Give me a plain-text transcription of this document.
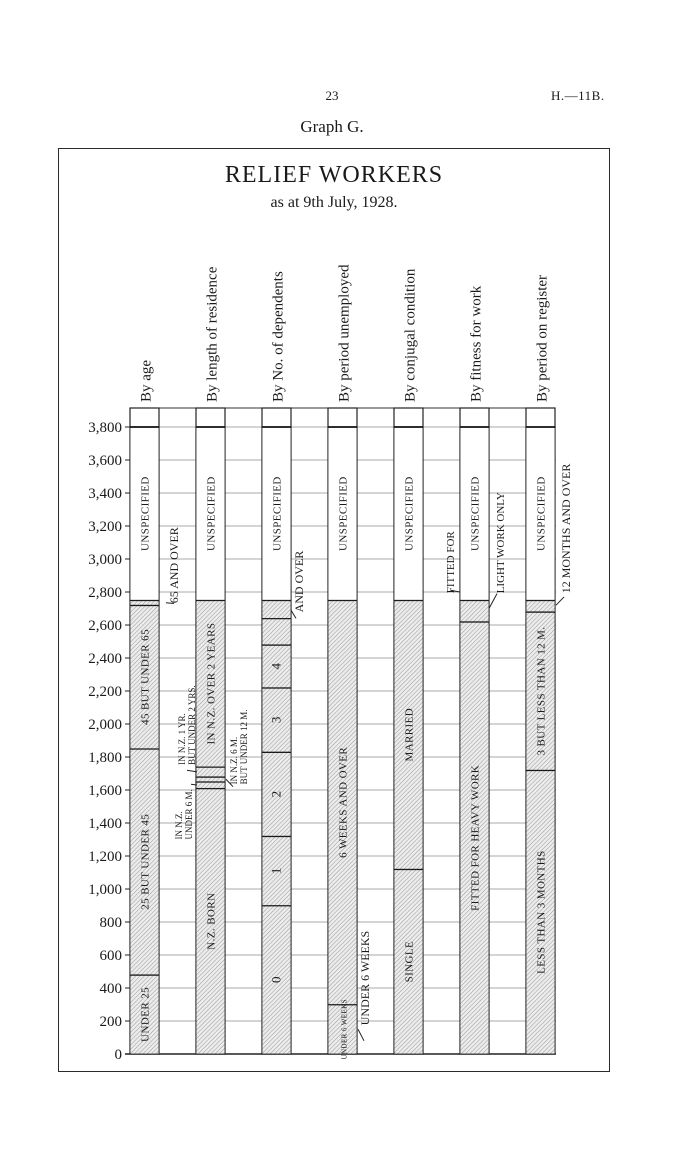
23	H.—11B.
Graph G.
RELIEF WORKERS
as at 9th July, 1928.
0
200
400
600
800
1,000
1,200
1,400
1,600
1,800
2,000
2,200
2,400
2,600
2,800
3,000
3,200
3,400
3,600
3,800
By age
UNDER 25
25 BUT UNDER 45
45 BUT UNDER 65
UNSPECIFIED
By length of residence
N.Z. BORN
IN N.Z. OVER 2 YEARS
UNSPECIFIED
By No. of dependents
0
1
2
3
4
UNSPECIFIED
By period unemployed
UNDER 6 WEEKS
6 WEEKS AND OVER
UNSPECIFIED
By conjugal condition
SINGLE
MARRIED
UNSPECIFIED
By fitness for work
FITTED FOR HEAVY WORK
UNSPECIFIED
By period on register
LESS THAN 3 MONTHS
3 BUT LESS THAN 12 M.
UNSPECIFIED
65 AND OVER
IN N.Z. 1 YR. BUT UNDER 2 YRS.
IN N.Z. UNDER 6 M.
IN N.Z. 6 M. BUT UNDER 12 M.
AND OVER
UNDER 6 WEEKS
FITTED FOR	LIGHT WORK ONLY	12 MONTHS AND OVER
